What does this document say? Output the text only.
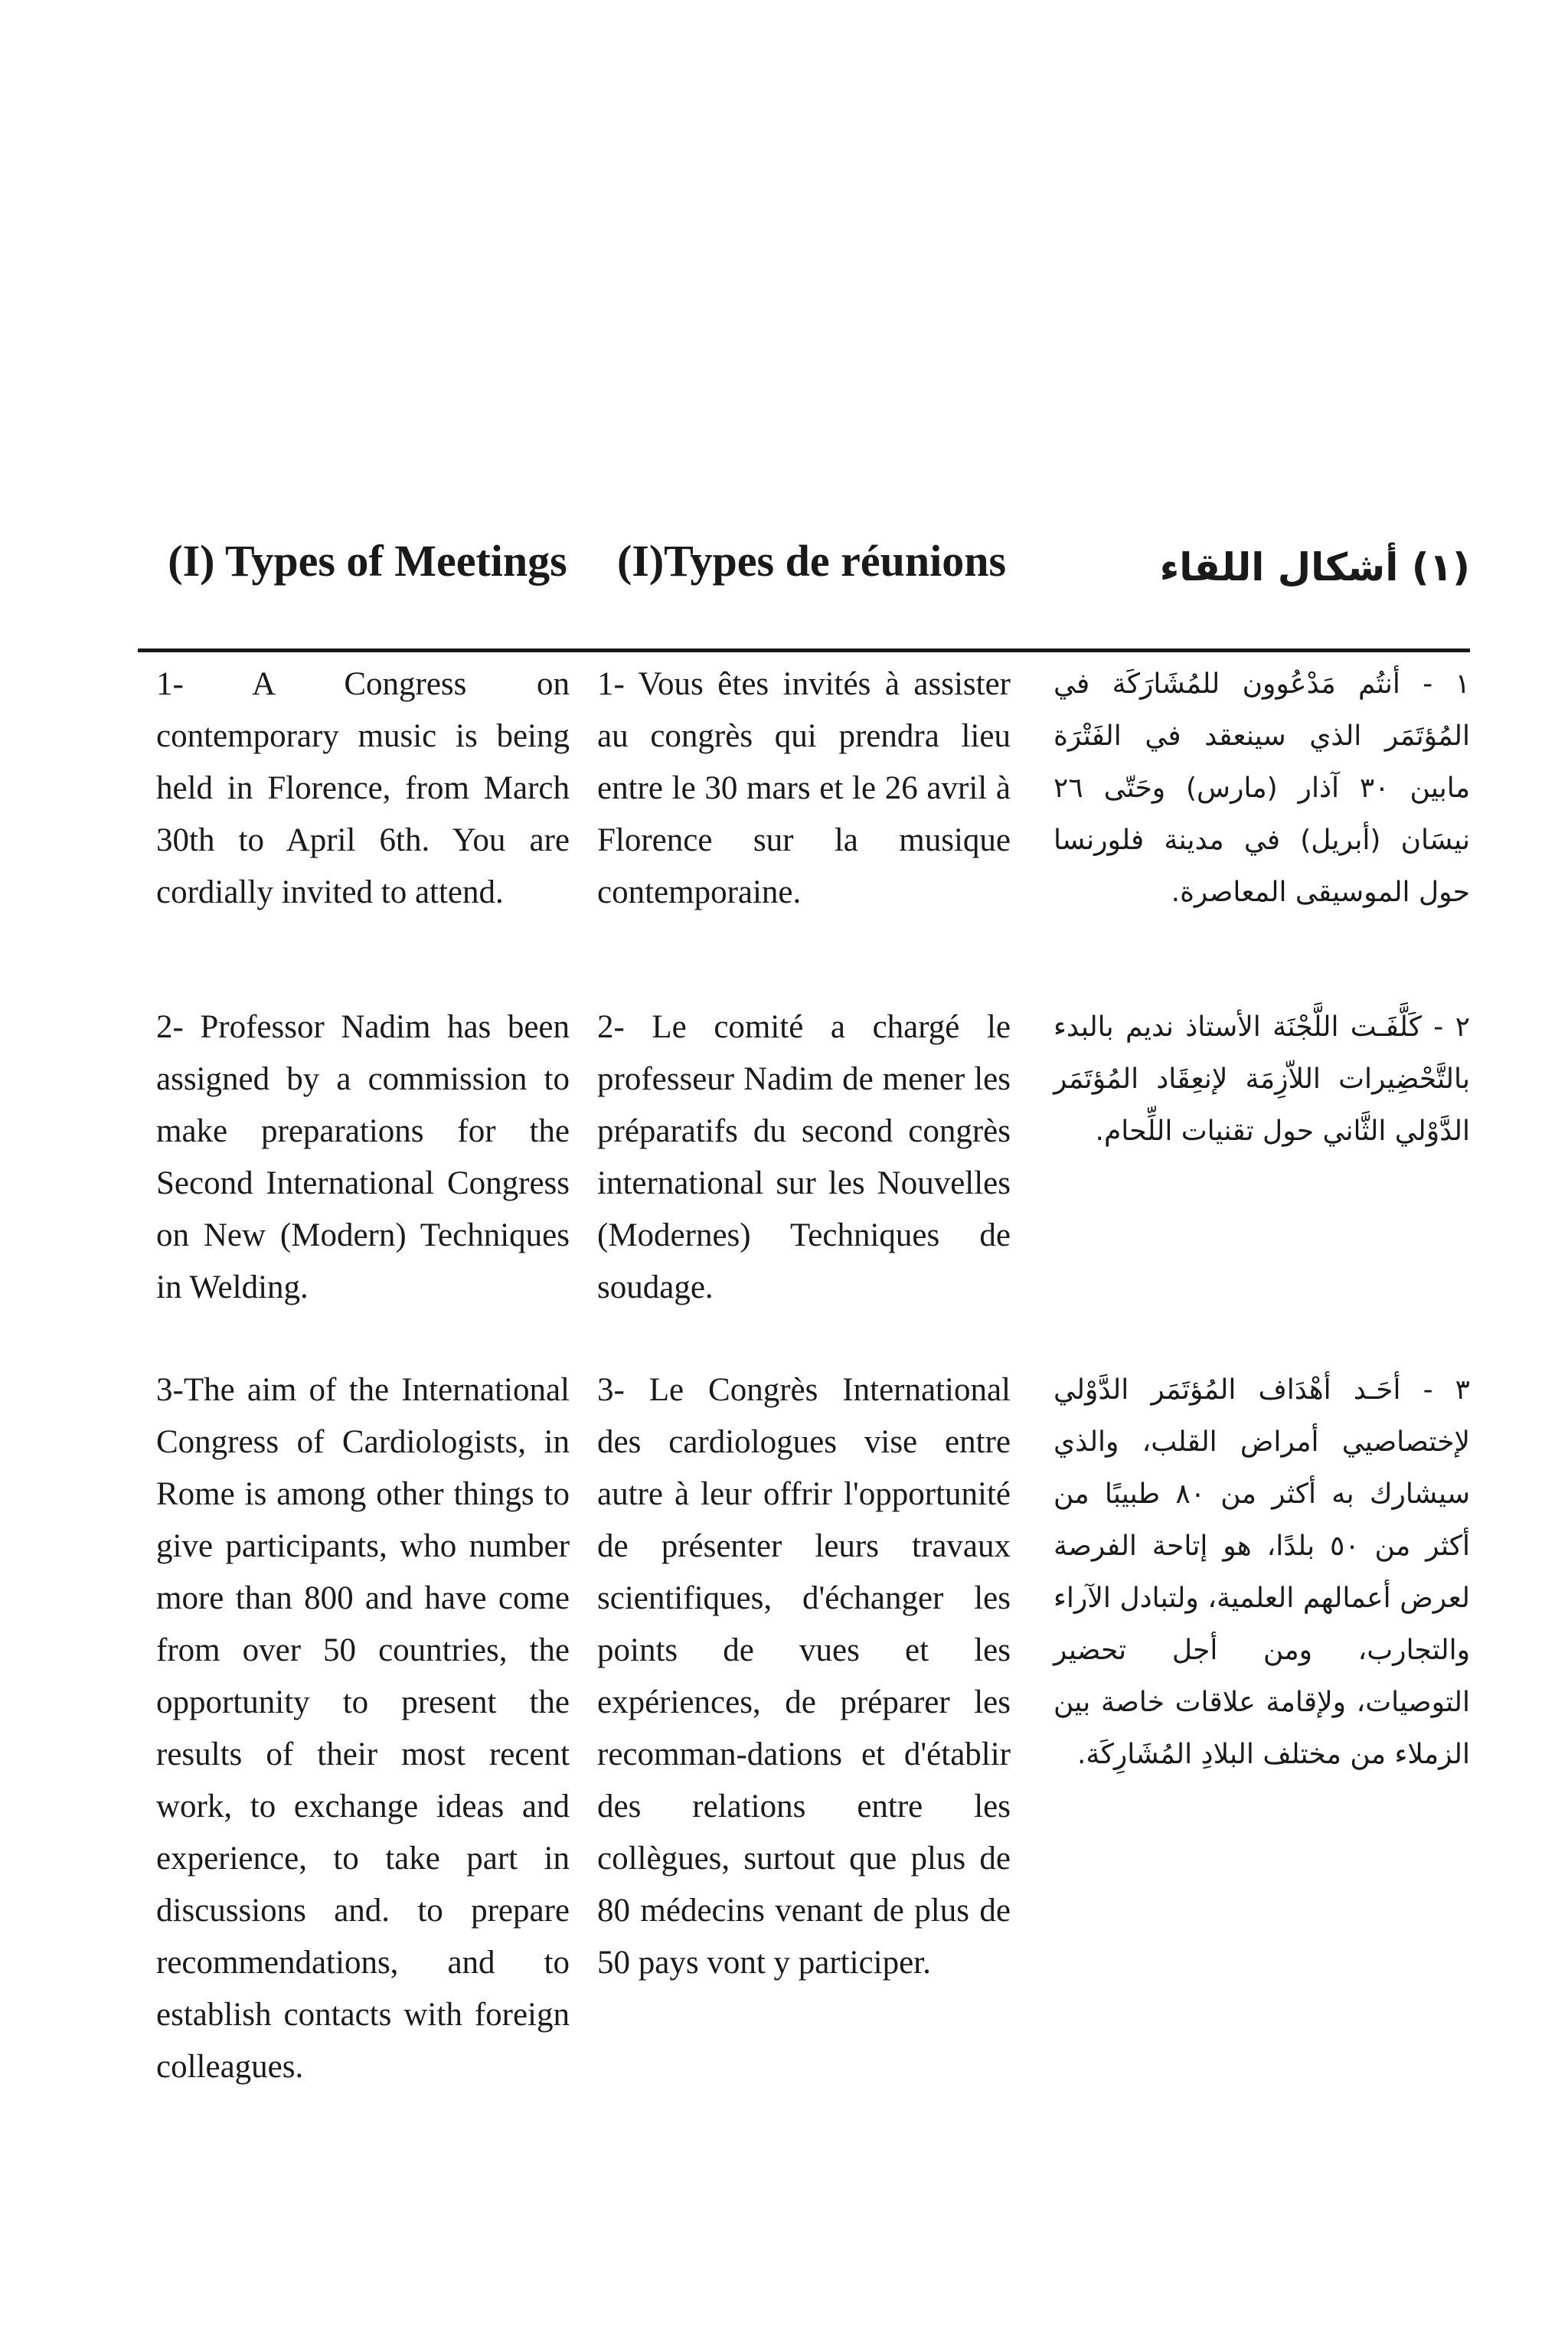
(I) Types of Meetings	(I)Types de réunions	(١) أشكال اللقاء
1- A Congress on contemporary music is being held in Florence, from March 30th to April 6th. You are cordially invited to attend.
2- Professor Nadim has been assigned by a commission to make preparations for the Second International Congress on New (Modern) Techniques in Welding.
3-The aim of the International Congress of Cardiologists, in Rome is among other things to give participants, who number more than 800 and have come from over 50 countries, the opportunity to present the results of their most recent work, to exchange ideas and experience, to take part in discussions and. to prepare recommendations, and to establish contacts with foreign colleagues.
1- Vous êtes invités à assister au congrès qui prendra lieu entre le 30 mars et le 26 avril à Florence sur la musique contemporaine.
2- Le comité a chargé le professeur Nadim de mener les préparatifs du second congrès international sur les Nouvelles (Modernes) Techniques de soudage.
3- Le Congrès International des cardiologues vise entre autre à leur offrir l'opportunité de présenter leurs travaux scientifiques, d'échanger les points de vues et les expériences, de préparer les recomman-dations et d'établir des relations entre les collègues, surtout que plus de 80 médecins venant de plus de 50 pays vont y participer.
١ - أنتُم مَدْعُوون للمُشَارَكَة في المُؤتَمَر الذي سينعقد في الفَتْرَة مابين ٣٠ آذار (مارس) وحَتّى ٢٦ نيسَان (أبريل) في مدينة فلورنسا حول الموسيقى المعاصرة.
٢ - كَلَّفَـت اللَّجْنَة الأستاذ نديم بالبدء بالتَّحْضِيرات اللاّزِمَة لإنعِقَاد المُؤتَمَر الدَّوْلي الثَّاني حول تقنيات اللِّحام.
٣ - أحَـد أهْدَاف المُؤتَمَر الدَّوْلي لإختصاصيي أمراض القلب، والذي سيشارك به أكثر من ٨٠ طبيبًا من أكثر من ٥٠ بلدًا، هو إتاحة الفرصة لعرض أعمالهم العلمية، ولتبادل الآراء والتجارب، ومن أجل تحضير التوصيات، ولإقامة علاقات خاصة بين الزملاء من مختلف البلادِ المُشَارِكَة.
